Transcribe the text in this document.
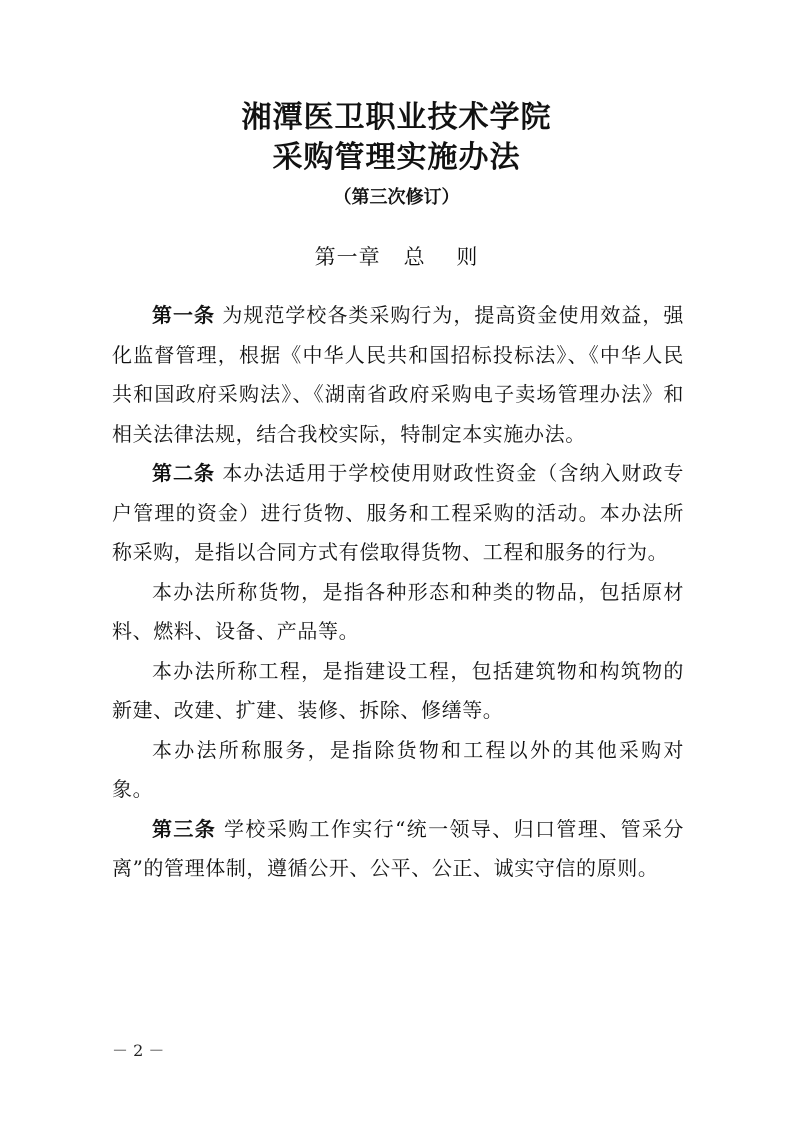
湘潭医卫职业技术学院
采购管理实施办法
（第三次修订）
第一章   总    则

第一条 为规范学校各类采购行为，提高资金使用效益，强化监督管理，根据《中华人民共和国招标投标法》、《中华人民共和国政府采购法》、《湖南省政府采购电子卖场管理办法》和相关法律法规，结合我校实际，特制定本实施办法。

第二条 本办法适用于学校使用财政性资金（含纳入财政专户管理的资金）进行货物、服务和工程采购的活动。本办法所称采购，是指以合同方式有偿取得货物、工程和服务的行为。

本办法所称货物，是指各种形态和种类的物品，包括原材料、燃料、设备、产品等。

本办法所称工程，是指建设工程，包括建筑物和构筑物的新建、改建、扩建、装修、拆除、修缮等。

本办法所称服务，是指除货物和工程以外的其他采购对象。

第三条 学校采购工作实行“统一领导、归口管理、管采分离”的管理体制，遵循公开、公平、公正、诚实守信的原则。

－ 2 －
